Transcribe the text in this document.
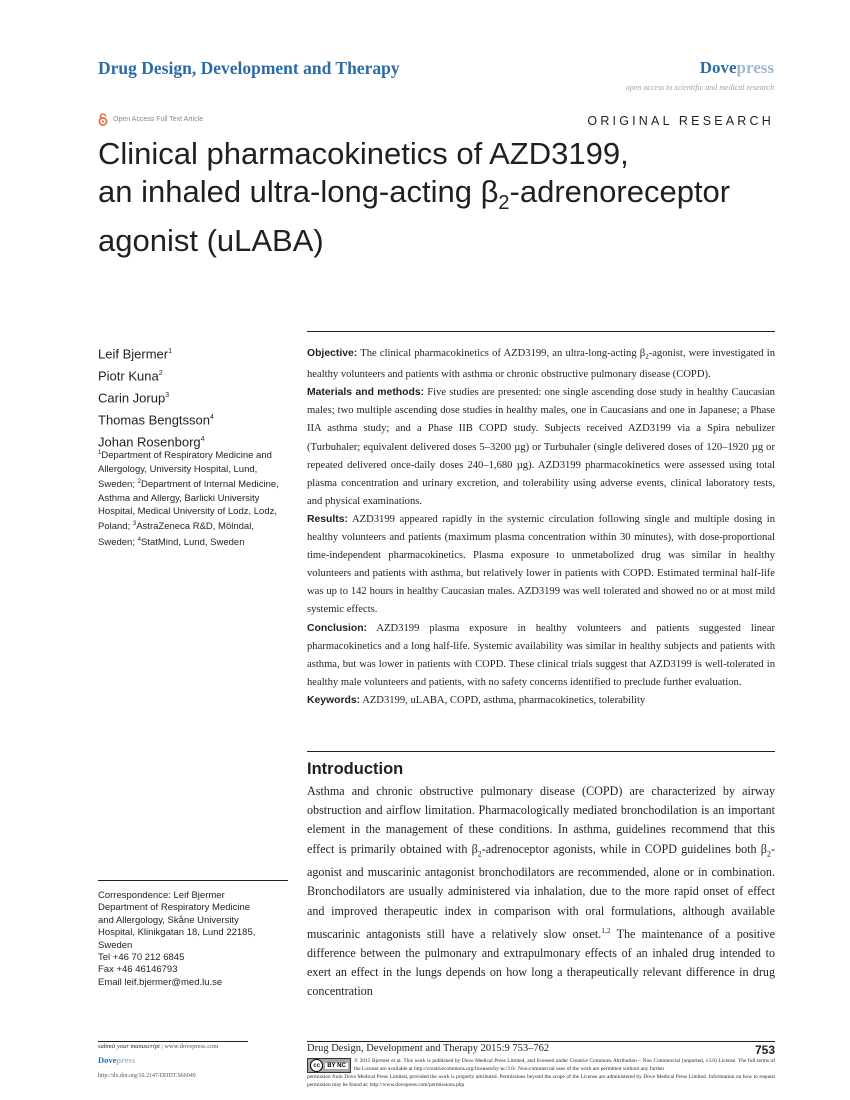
Drug Design, Development and Therapy	Dovepress
open access to scientific and medical research
Open Access Full Text Article	ORIGINAL RESEARCH
Clinical pharmacokinetics of AZD3199,
an inhaled ultra-long-acting $\beta_2$-adrenoreceptor
agonist (uLABA)
Leif Bjermer$^1$
Piotr Kuna$^2$
Carin Jorup$^3$
Thomas Bengtsson$^4$
Johan Rosenborg$^4$
$^1$Department of Respiratory Medicine and Allergology, University Hospital, Lund, Sweden; $^2$Department of Internal Medicine, Asthma and Allergy, Barlicki University Hospital, Medical University of Lodz, Lodz, Poland; $^3$AstraZeneca R&D, Mölndal, Sweden; $^4$StatMind, Lund, Sweden
Correspondence: Leif Bjermer
Department of Respiratory Medicine
and Allergology, Skåne University
Hospital, Klinikgatan 18, Lund 22185,
Sweden
Tel +46 70 212 6845
Fax +46 46146793
Email leif.bjermer@med.lu.se

Objective: The clinical pharmacokinetics of AZD3199, an ultra-long-acting $\beta_2$-agonist, were investigated in healthy volunteers and patients with asthma or chronic obstructive pulmonary disease (COPD).

Materials and methods: Five studies are presented: one single ascending dose study in healthy Caucasian males; two multiple ascending dose studies in healthy males, one in Caucasians and one in Japanese; a Phase IIA asthma study; and a Phase IIB COPD study. Subjects received AZD3199 via a Spira nebulizer (Turbuhaler; equivalent delivered doses 5–3200 µg) or Turbuhaler (single delivered doses of 120–1920 µg or repeated delivered once-daily doses 240–1,680 µg). AZD3199 pharmacokinetics were assessed using total plasma concentration and urinary excretion, and tolerability using adverse events, clinical laboratory tests, and physical examinations.

Results: AZD3199 appeared rapidly in the systemic circulation following single and multiple dosing in healthy volunteers and patients (maximum plasma concentration within 30 minutes), with dose-proportional time-independent pharmacokinetics. Plasma exposure to unmetabolized drug was similar in healthy volunteers and patients with asthma, but relatively lower in patients with COPD. Estimated terminal half-life was up to 142 hours in healthy Caucasian males. AZD3199 was well tolerated and showed no or at most mild systemic effects.

Conclusion: AZD3199 plasma exposure in healthy volunteers and patients suggested linear pharmacokinetics and a long half-life. Systemic availability was similar in healthy subjects and patients with asthma, but was lower in patients with COPD. These clinical trials suggest that AZD3199 is well-tolerated in healthy male volunteers and patients, with no safety concerns identified to preclude further evaluation.

Keywords: AZD3199, uLABA, COPD, asthma, pharmacokinetics, tolerability

Introduction

Asthma and chronic obstructive pulmonary disease (COPD) are characterized by airway obstruction and airflow limitation. Pharmacologically mediated bronchodilation is an important element in the management of these conditions. In asthma, guidelines recommend that this effect is primarily obtained with $\beta_2$-adrenoceptor agonists, while in COPD guidelines both $\beta_2$-agonist and muscarinic antagonist bronchodilators are recommended, alone or in combination. Bronchodilators are usually administered via inhalation, due to the more rapid onset of effect and improved therapeutic index in comparison with oral formulations, although available muscarinic antagonists still have a relatively slow onset.$^{1,2}$ The maintenance of a positive difference between the pulmonary and extrapulmonary effects of an inhaled drug intended to exert an effect in the lungs depends on how long a therapeutically relevant difference in drug concentration

submit your manuscript | www.dovepress.com
Dovepress
http://dx.doi.org/10.2147/DDDT.S66049
Drug Design, Development and Therapy 2015:9 753–762	753
cc	BY NC
© 2015 Bjermer et al. This work is published by Dove Medical Press Limited, and licensed under Creative Commons Attribution – Non Commercial (unported, v3.0) License. The full terms of the License are available at http://creativecommons.org/licenses/by-nc/3.0/. Non-commercial uses of the work are permitted without any further
permission from Dove Medical Press Limited, provided the work is properly attributed. Permissions beyond the scope of the License are administered by Dove Medical Press Limited. Information on how to request permission may be found at: http://www.dovepress.com/permissions.php
